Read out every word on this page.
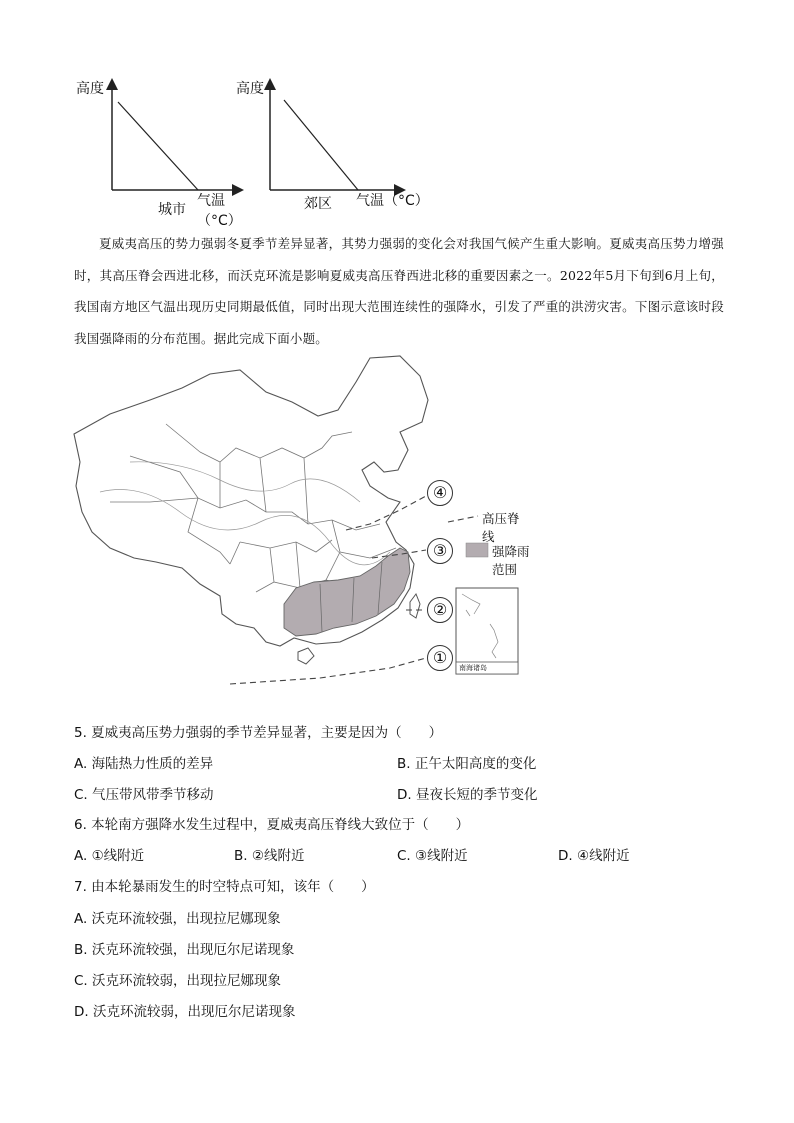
高度
城市
气温（°C）
高度
郊区 气温（°C）

夏威夷高压的势力强弱冬夏季节差异显著，其势力强弱的变化会对我国气候产生重大影响。夏威夷高压势力增强时，其高压脊会西进北移，而沃克环流是影响夏威夷高压脊西进北移的重要因素之一。2022年5月下旬到6月上旬，我国南方地区气温出现历史同期最低值，同时出现大范围连续性的强降水，引发了严重的洪涝灾害。下图示意该时段我国强降雨的分布范围。据此完成下面小题。

④
③
②
①
高压脊线
强降雨范围
南海诸岛
5. 夏威夷高压势力强弱的季节差异显著，主要是因为（　　）
A. 海陆热力性质的差异	B. 正午太阳高度的变化
C. 气压带风带季节移动	D. 昼夜长短的季节变化
6. 本轮南方强降水发生过程中，夏威夷高压脊线大致位于（　　）
A. ①线附近	B. ②线附近	C. ③线附近	D. ④线附近
7. 由本轮暴雨发生的时空特点可知，该年（　　）
A. 沃克环流较强，出现拉尼娜现象
B. 沃克环流较强，出现厄尔尼诺现象
C. 沃克环流较弱，出现拉尼娜现象
D. 沃克环流较弱，出现厄尔尼诺现象
